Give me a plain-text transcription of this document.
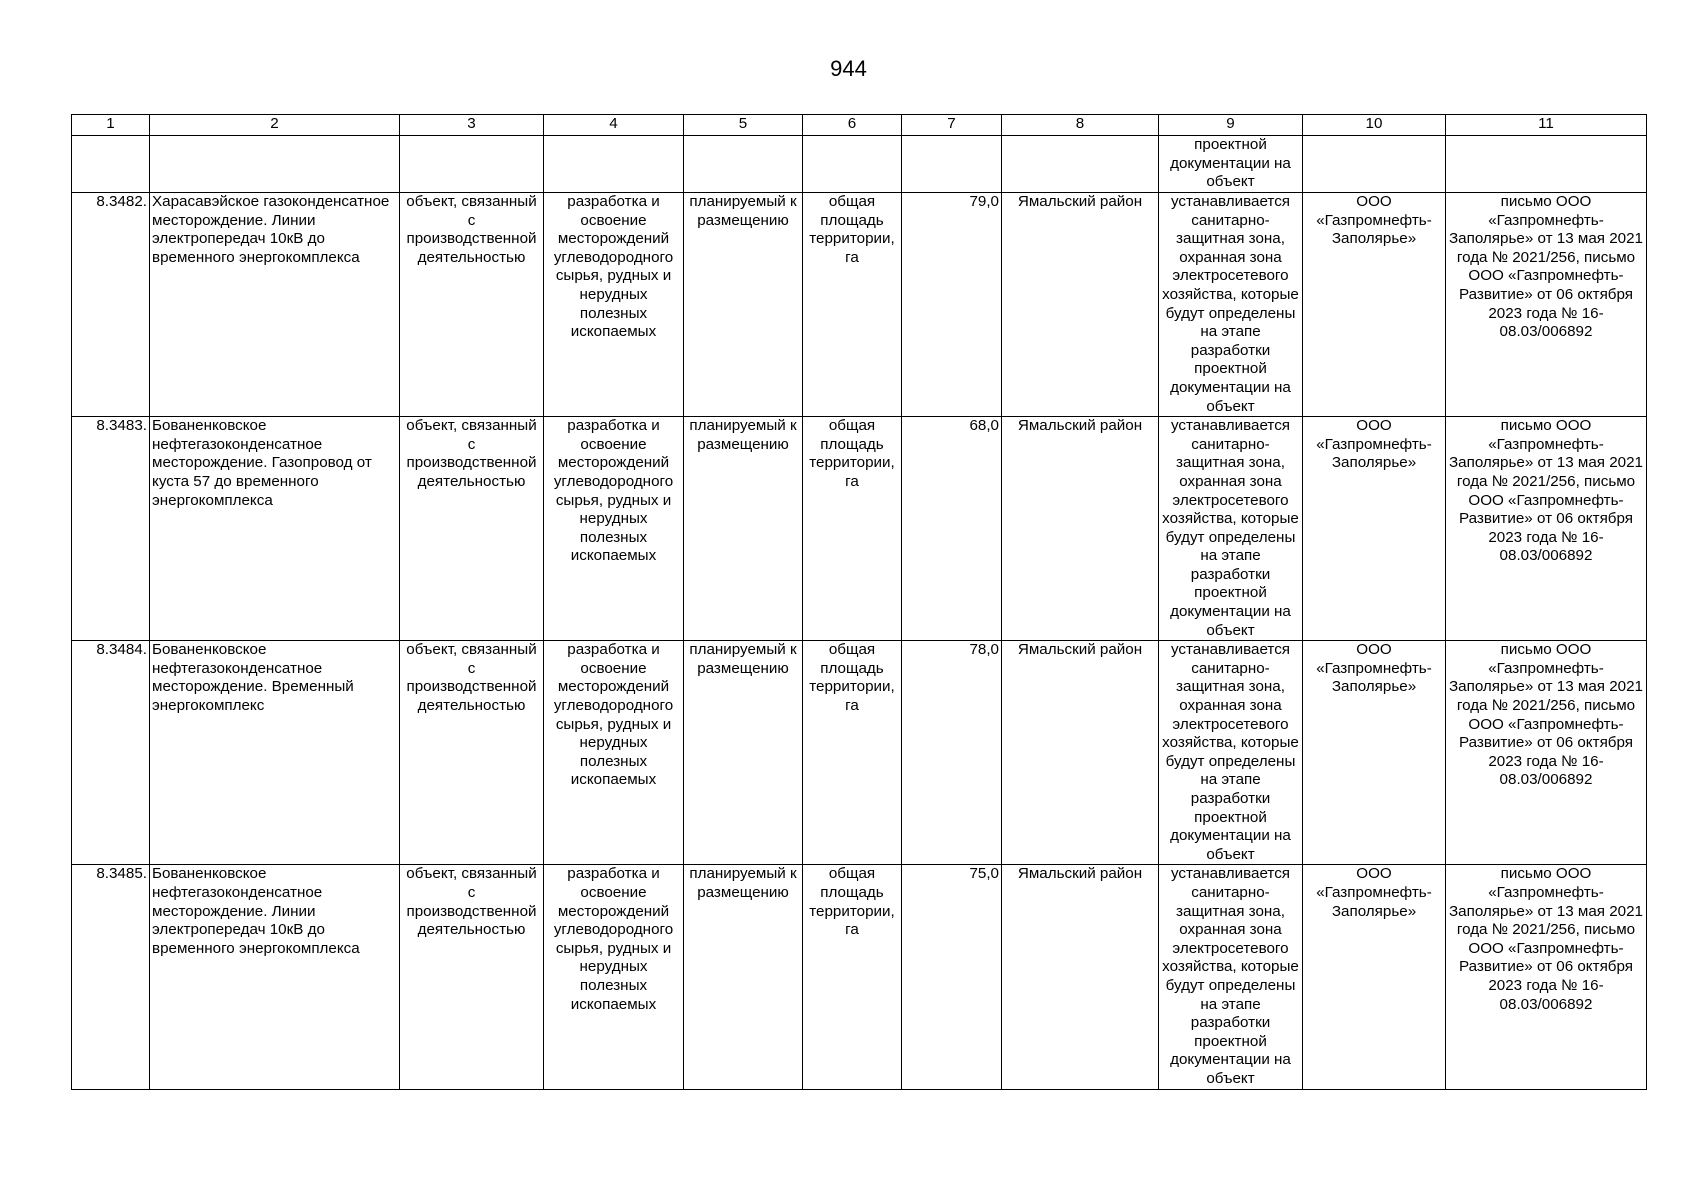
944
1	2	3	4	5	6	7	8	9	10	11
								проектной документации на объект		
8.3482.	Харасавэйское газоконденсатное месторождение. Линии электропередач 10кВ до временного энергокомплекса	объект, связанный с производственной деятельностью	разработка и освоение месторождений углеводородного сырья, рудных и нерудных полезных ископаемых	планируемый к размещению	общая площадь территории, га	79,0	Ямальский район	устанавливается санитарно-защитная зона, охранная зона электросетевого хозяйства, которые будут определены на этапе разработки проектной документации на объект	ООО «Газпромнефть-Заполярье»	письмо ООО «Газпромнефть-Заполярье» от 13 мая 2021 года № 2021/256, письмо ООО «Газпромнефть-Развитие» от 06 октября 2023 года № 16-08.03/006892
8.3483.	Бованенковское нефтегазоконденсатное месторождение. Газопровод от куста 57 до временного энергокомплекса	объект, связанный с производственной деятельностью	разработка и освоение месторождений углеводородного сырья, рудных и нерудных полезных ископаемых	планируемый к размещению	общая площадь территории, га	68,0	Ямальский район	устанавливается санитарно-защитная зона, охранная зона электросетевого хозяйства, которые будут определены на этапе разработки проектной документации на объект	ООО «Газпромнефть-Заполярье»	письмо ООО «Газпромнефть-Заполярье» от 13 мая 2021 года № 2021/256, письмо ООО «Газпромнефть-Развитие» от 06 октября 2023 года № 16-08.03/006892
8.3484.	Бованенковское нефтегазоконденсатное месторождение. Временный энергокомплекс	объект, связанный с производственной деятельностью	разработка и освоение месторождений углеводородного сырья, рудных и нерудных полезных ископаемых	планируемый к размещению	общая площадь территории, га	78,0	Ямальский район	устанавливается санитарно-защитная зона, охранная зона электросетевого хозяйства, которые будут определены на этапе разработки проектной документации на объект	ООО «Газпромнефть-Заполярье»	письмо ООО «Газпромнефть-Заполярье» от 13 мая 2021 года № 2021/256, письмо ООО «Газпромнефть-Развитие» от 06 октября 2023 года № 16-08.03/006892
8.3485.	Бованенковское нефтегазоконденсатное месторождение. Линии электропередач 10кВ до временного энергокомплекса	объект, связанный с производственной деятельностью	разработка и освоение месторождений углеводородного сырья, рудных и нерудных полезных ископаемых	планируемый к размещению	общая площадь территории, га	75,0	Ямальский район	устанавливается санитарно-защитная зона, охранная зона электросетевого хозяйства, которые будут определены на этапе разработки проектной документации на объект	ООО «Газпромнефть-Заполярье»	письмо ООО «Газпромнефть-Заполярье» от 13 мая 2021 года № 2021/256, письмо ООО «Газпромнефть-Развитие» от 06 октября 2023 года № 16-08.03/006892
